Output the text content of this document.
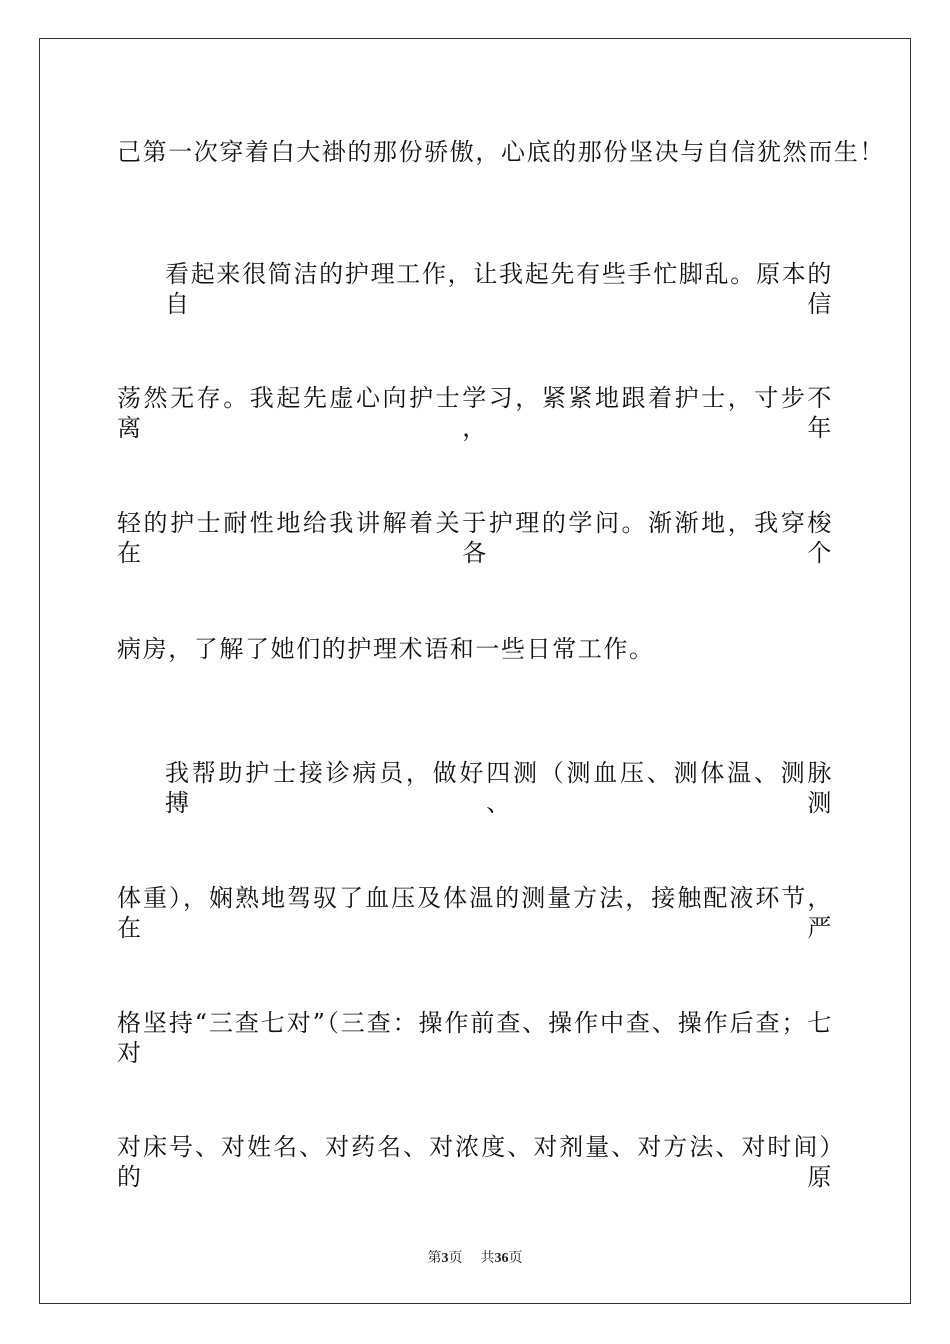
己第一次穿着白大褂的那份骄傲，心底的那份坚决与自信犹然而生！
看起来很简洁的护理工作，让我起先有些手忙脚乱。原本的自信
荡然无存。我起先虚心向护士学习，紧紧地跟着护士，寸步不离，年
轻的护士耐性地给我讲解着关于护理的学问。渐渐地，我穿梭在各个
病房，了解了她们的护理术语和一些日常工作。
我帮助护士接诊病员，做好四测（测血压、测体温、测脉搏、测
体重），娴熟地驾驭了血压及体温的测量方法，接触配液环节，在严
格坚持“三查七对”（三查：操作前查、操作中查、操作后查；七对
对床号、对姓名、对药名、对浓度、对剂量、对方法、对时间）的原
第3页 共36页
